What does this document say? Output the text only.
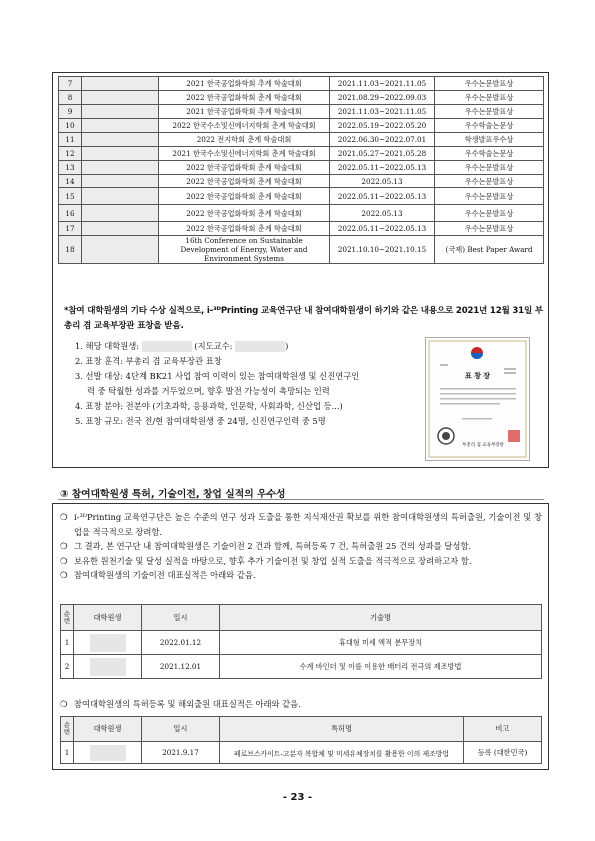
7		2021 한국공업화학회 추계 학술대회	2021.11.03~2021.11.05	우수논문발표상
8		2022 한국공업화학회 춘계 학술대회	2021.08.29~2022.09.03	우수논문발표상
9		2021 한국공업화학회 추계 학술대회	2021.11.03~2021.11.05	우수논문발표상
10		2022 한국수소및신에너지학회 춘계 학술대회	2022.05.19~2022.05.20	우수학술논문상
11		2022 전지학회 춘계 학술대회	2022.06.30~2022.07.01	학생발표우수상
12		2021 한국수소및신에너지학회 춘계 학술대회	2021.05.27~2021.05.28	우수학술논문상
13		2022 한국공업화학회 춘계 학술대회	2022.05.11~2022.05.13	우수논문발표상
14		2022 한국공업화학회 춘계 학술대회	2022.05.13	우수논문발표상
15		2022 한국공업화학회 춘계 학술대회	2022.05.11~2022.05.13	우수논문발표상
16		2022 한국공업화학회 춘계 학술대회	2022.05.13	우수논문발표상
17		2022 한국공업화학회 춘계 학술대회	2022.05.11~2022.05.13	우수논문발표상
18		16th Conference on Sustainable Development of Energy, Water and Environment Systems	2021.10.10~2021.10.15	(국제) Best Paper Award
*참여 대학원생의 기타 수상 실적으로, i-³ᴰPrinting 교육연구단 내 참여대학원생이 하기와 같은 내용으로 2021년 12월 31일 부총리 겸 교육부장관 표창을 받음.
1. 해당 대학원생:	(지도교수:	)
2. 표창 훈격: 부총리 겸 교육부장관 표창
3. 선발 대상: 4단계 BK21 사업 참여 이력이 있는 참여대학원생 및 신진연구인
력 중 탁월한 성과를 거두었으며, 향후 발전 가능성이 촉망되는 인력
4. 표창 분야: 전분야 (기초과학, 응용과학, 인문학, 사회과학, 신산업 등...)
5. 표창 규모: 전국 전/현 참여대학원생 중 24명, 신진연구인력 중 5명
표 창 장
부총리 겸 교육부장관
③ 참여대학원생 특허, 기술이전, 창업 실적의 우수성
❍ i-³ᴰPrinting 교육연구단은 높은 수준의 연구 성과 도출을 통한 지식재산권 확보를 위한 참여대학원생의 특허출원, 기술이전 및 창업을 적극적으로 장려함.
❍ 그 결과, 본 연구단 내 참여대학원생은 기술이전 2 건과 함께, 특허등록 7 건, 특허출원 25 건의 성과를 달성함.
❍ 보유한 원천기술 및 달성 실적을 바탕으로, 향후 추가 기술이전 및 창업 실적 도출을 적극적으로 장려하고자 함.
❍ 참여대학원생의 기술이전 대표실적은 아래와 같음.
순번	대학원생	일시	기술명
1		2022.01.12	휴대형 미세 액적 분무장치
2		2021.12.01	수계 바인더 및 이를 이용한 배터리 전극의 제조방법
❍ 참여대학원생의 특허등록 및 해외출원 대표실적은 아래와 같음.
순번	대학원생	일시	특허명	비고
1		2021.9.17	페로브스카이트-고분자 복합체 및 미세유체장치를 활용한 이의 제조방법	등록 (대한민국)
- 23 -
